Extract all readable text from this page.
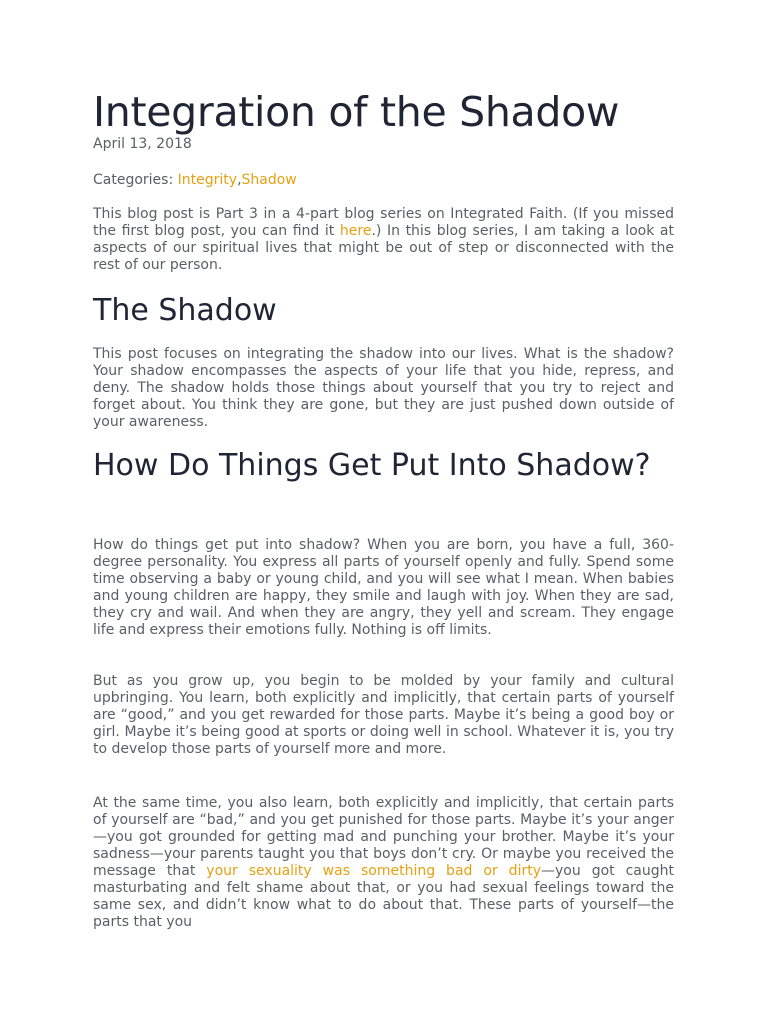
Integration of the Shadow
April 13, 2018
Categories: Integrity,Shadow

This blog post is Part 3 in a 4-part blog series on Integrated Faith. (If you missed the first blog post, you can find it here.) In this blog series, I am taking a look at aspects of our spiritual lives that might be out of step or disconnected with the rest of our person.

The Shadow

This post focuses on integrating the shadow into our lives. What is the shadow? Your shadow encompasses the aspects of your life that you hide, repress, and deny. The shadow holds those things about yourself that you try to reject and forget about. You think they are gone, but they are just pushed down outside of your awareness.

How Do Things Get Put Into Shadow?

How do things get put into shadow? When you are born, you have a full, 360-degree personality. You express all parts of yourself openly and fully. Spend some time observing a baby or young child, and you will see what I mean. When babies and young children are happy, they smile and laugh with joy. When they are sad, they cry and wail. And when they are angry, they yell and scream. They engage life and express their emotions fully. Nothing is off limits.

But as you grow up, you begin to be molded by your family and cultural upbringing. You learn, both explicitly and implicitly, that certain parts of yourself are “good,” and you get rewarded for those parts. Maybe it’s being a good boy or girl. Maybe it’s being good at sports or doing well in school. Whatever it is, you try to develop those parts of yourself more and more.

At the same time, you also learn, both explicitly and implicitly, that certain parts of yourself are “bad,” and you get punished for those parts. Maybe it’s your anger—you got grounded for getting mad and punching your brother. Maybe it’s your sadness—your parents taught you that boys don’t cry. Or maybe you received the message that your sexuality was something bad or dirty—you got caught masturbating and felt shame about that, or you had sexual feelings toward the same sex, and didn’t know what to do about that. These parts of yourself—the parts that you
